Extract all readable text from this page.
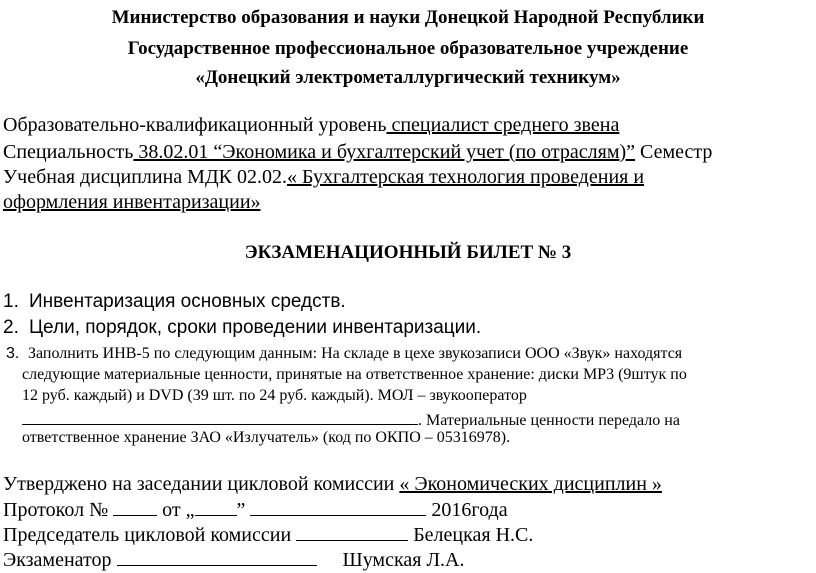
Министерство образования и науки Донецкой Народной Республики
Государственное профессиональное образовательное учреждение
«Донецкий электрометаллургический техникум»
Образовательно-квалификационный уровень специалист среднего звена
Специальность 38.02.01 “Экономика и бухгалтерский учет (по отраслям)” Семестр
Учебная дисциплина МДК 02.02.« Бухгалтерская технология проведения и
оформления инвентаризации»
ЭКЗАМЕНАЦИОННЫЙ БИЛЕТ № 3
1. Инвентаризация основных средств.
2. Цели, порядок, сроки проведении инвентаризации.
3. Заполнить ИНВ-5 по следующим данным: На складе в цехе звукозаписи ООО «Звук» находятся
следующие материальные ценности, принятые на ответственное хранение: диски МР3 (9штук по
12 руб. каждый) и DVD (39 шт. по 24 руб. каждый). МОЛ – звукооператор
. Материальные ценности передало на
ответственное хранение ЗАО «Излучатель» (код по ОКПО – 05316978).
Утверджено на заседании цикловой комиссии « Экономических дисциплин »
Протокол №  от „ ”	2016года
Председатель цикловой комиссии	Белецкая Н.С.
Экзаменатор	Шумская Л.А.
